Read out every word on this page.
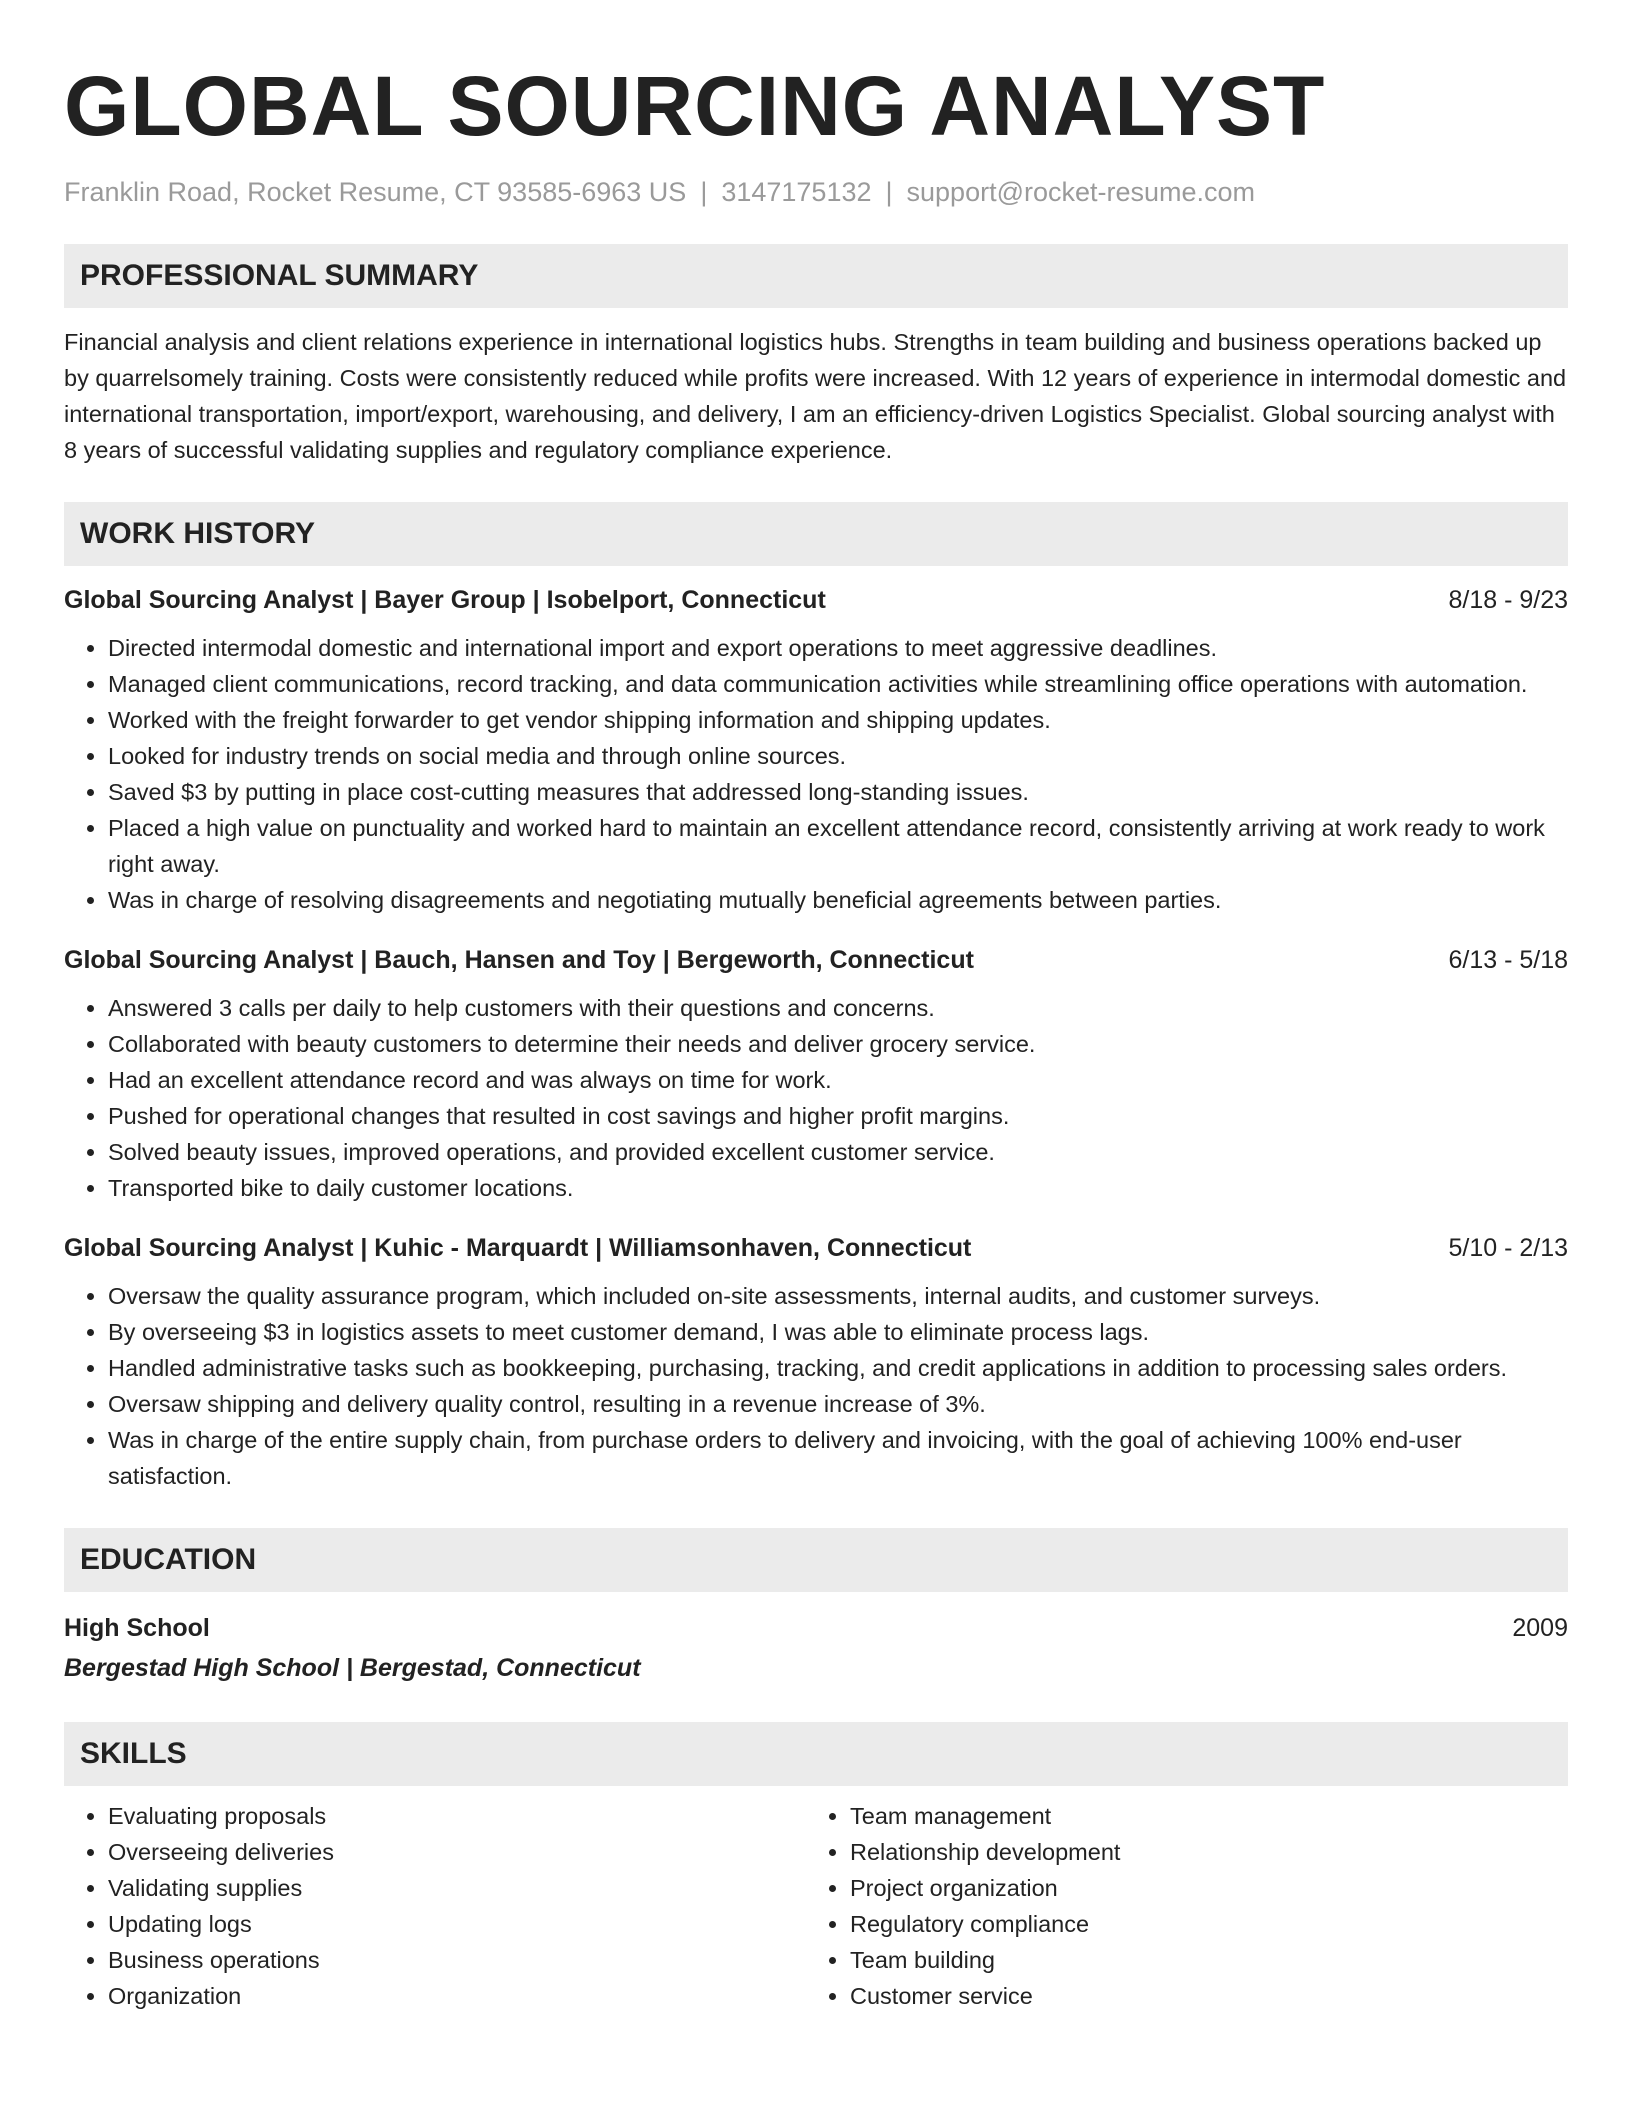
GLOBAL SOURCING ANALYST
Franklin Road, Rocket Resume, CT 93585-6963 US | 3147175132 | support@rocket-resume.com
PROFESSIONAL SUMMARY

Financial analysis and client relations experience in international logistics hubs. Strengths in team building and business operations backed up by quarrelsomely training. Costs were consistently reduced while profits were increased. With 12 years of experience in intermodal domestic and international transportation, import/export, warehousing, and delivery, I am an efficiency-driven Logistics Specialist. Global sourcing analyst with 8 years of successful validating supplies and regulatory compliance experience.

WORK HISTORY
Global Sourcing Analyst | Bayer Group | Isobelport, Connecticut	8/18 - 9/23
• Directed intermodal domestic and international import and export operations to meet aggressive deadlines.
• Managed client communications, record tracking, and data communication activities while streamlining office operations with automation.
• Worked with the freight forwarder to get vendor shipping information and shipping updates.
• Looked for industry trends on social media and through online sources.
• Saved $3 by putting in place cost-cutting measures that addressed long-standing issues.
• Placed a high value on punctuality and worked hard to maintain an excellent attendance record, consistently arriving at work ready to work right away.
• Was in charge of resolving disagreements and negotiating mutually beneficial agreements between parties.
Global Sourcing Analyst | Bauch, Hansen and Toy | Bergeworth, Connecticut	6/13 - 5/18
• Answered 3 calls per daily to help customers with their questions and concerns.
• Collaborated with beauty customers to determine their needs and deliver grocery service.
• Had an excellent attendance record and was always on time for work.
• Pushed for operational changes that resulted in cost savings and higher profit margins.
• Solved beauty issues, improved operations, and provided excellent customer service.
• Transported bike to daily customer locations.
Global Sourcing Analyst | Kuhic - Marquardt | Williamsonhaven, Connecticut	5/10 - 2/13
• Oversaw the quality assurance program, which included on-site assessments, internal audits, and customer surveys.
• By overseeing $3 in logistics assets to meet customer demand, I was able to eliminate process lags.
• Handled administrative tasks such as bookkeeping, purchasing, tracking, and credit applications in addition to processing sales orders.
• Oversaw shipping and delivery quality control, resulting in a revenue increase of 3%.
• Was in charge of the entire supply chain, from purchase orders to delivery and invoicing, with the goal of achieving 100% end-user satisfaction.
EDUCATION
High School	2009
Bergestad High School | Bergestad, Connecticut
SKILLS
• Evaluating proposals
• Overseeing deliveries
• Validating supplies
• Updating logs
• Business operations
• Organization
• Team management
• Relationship development
• Project organization
• Regulatory compliance
• Team building
• Customer service
